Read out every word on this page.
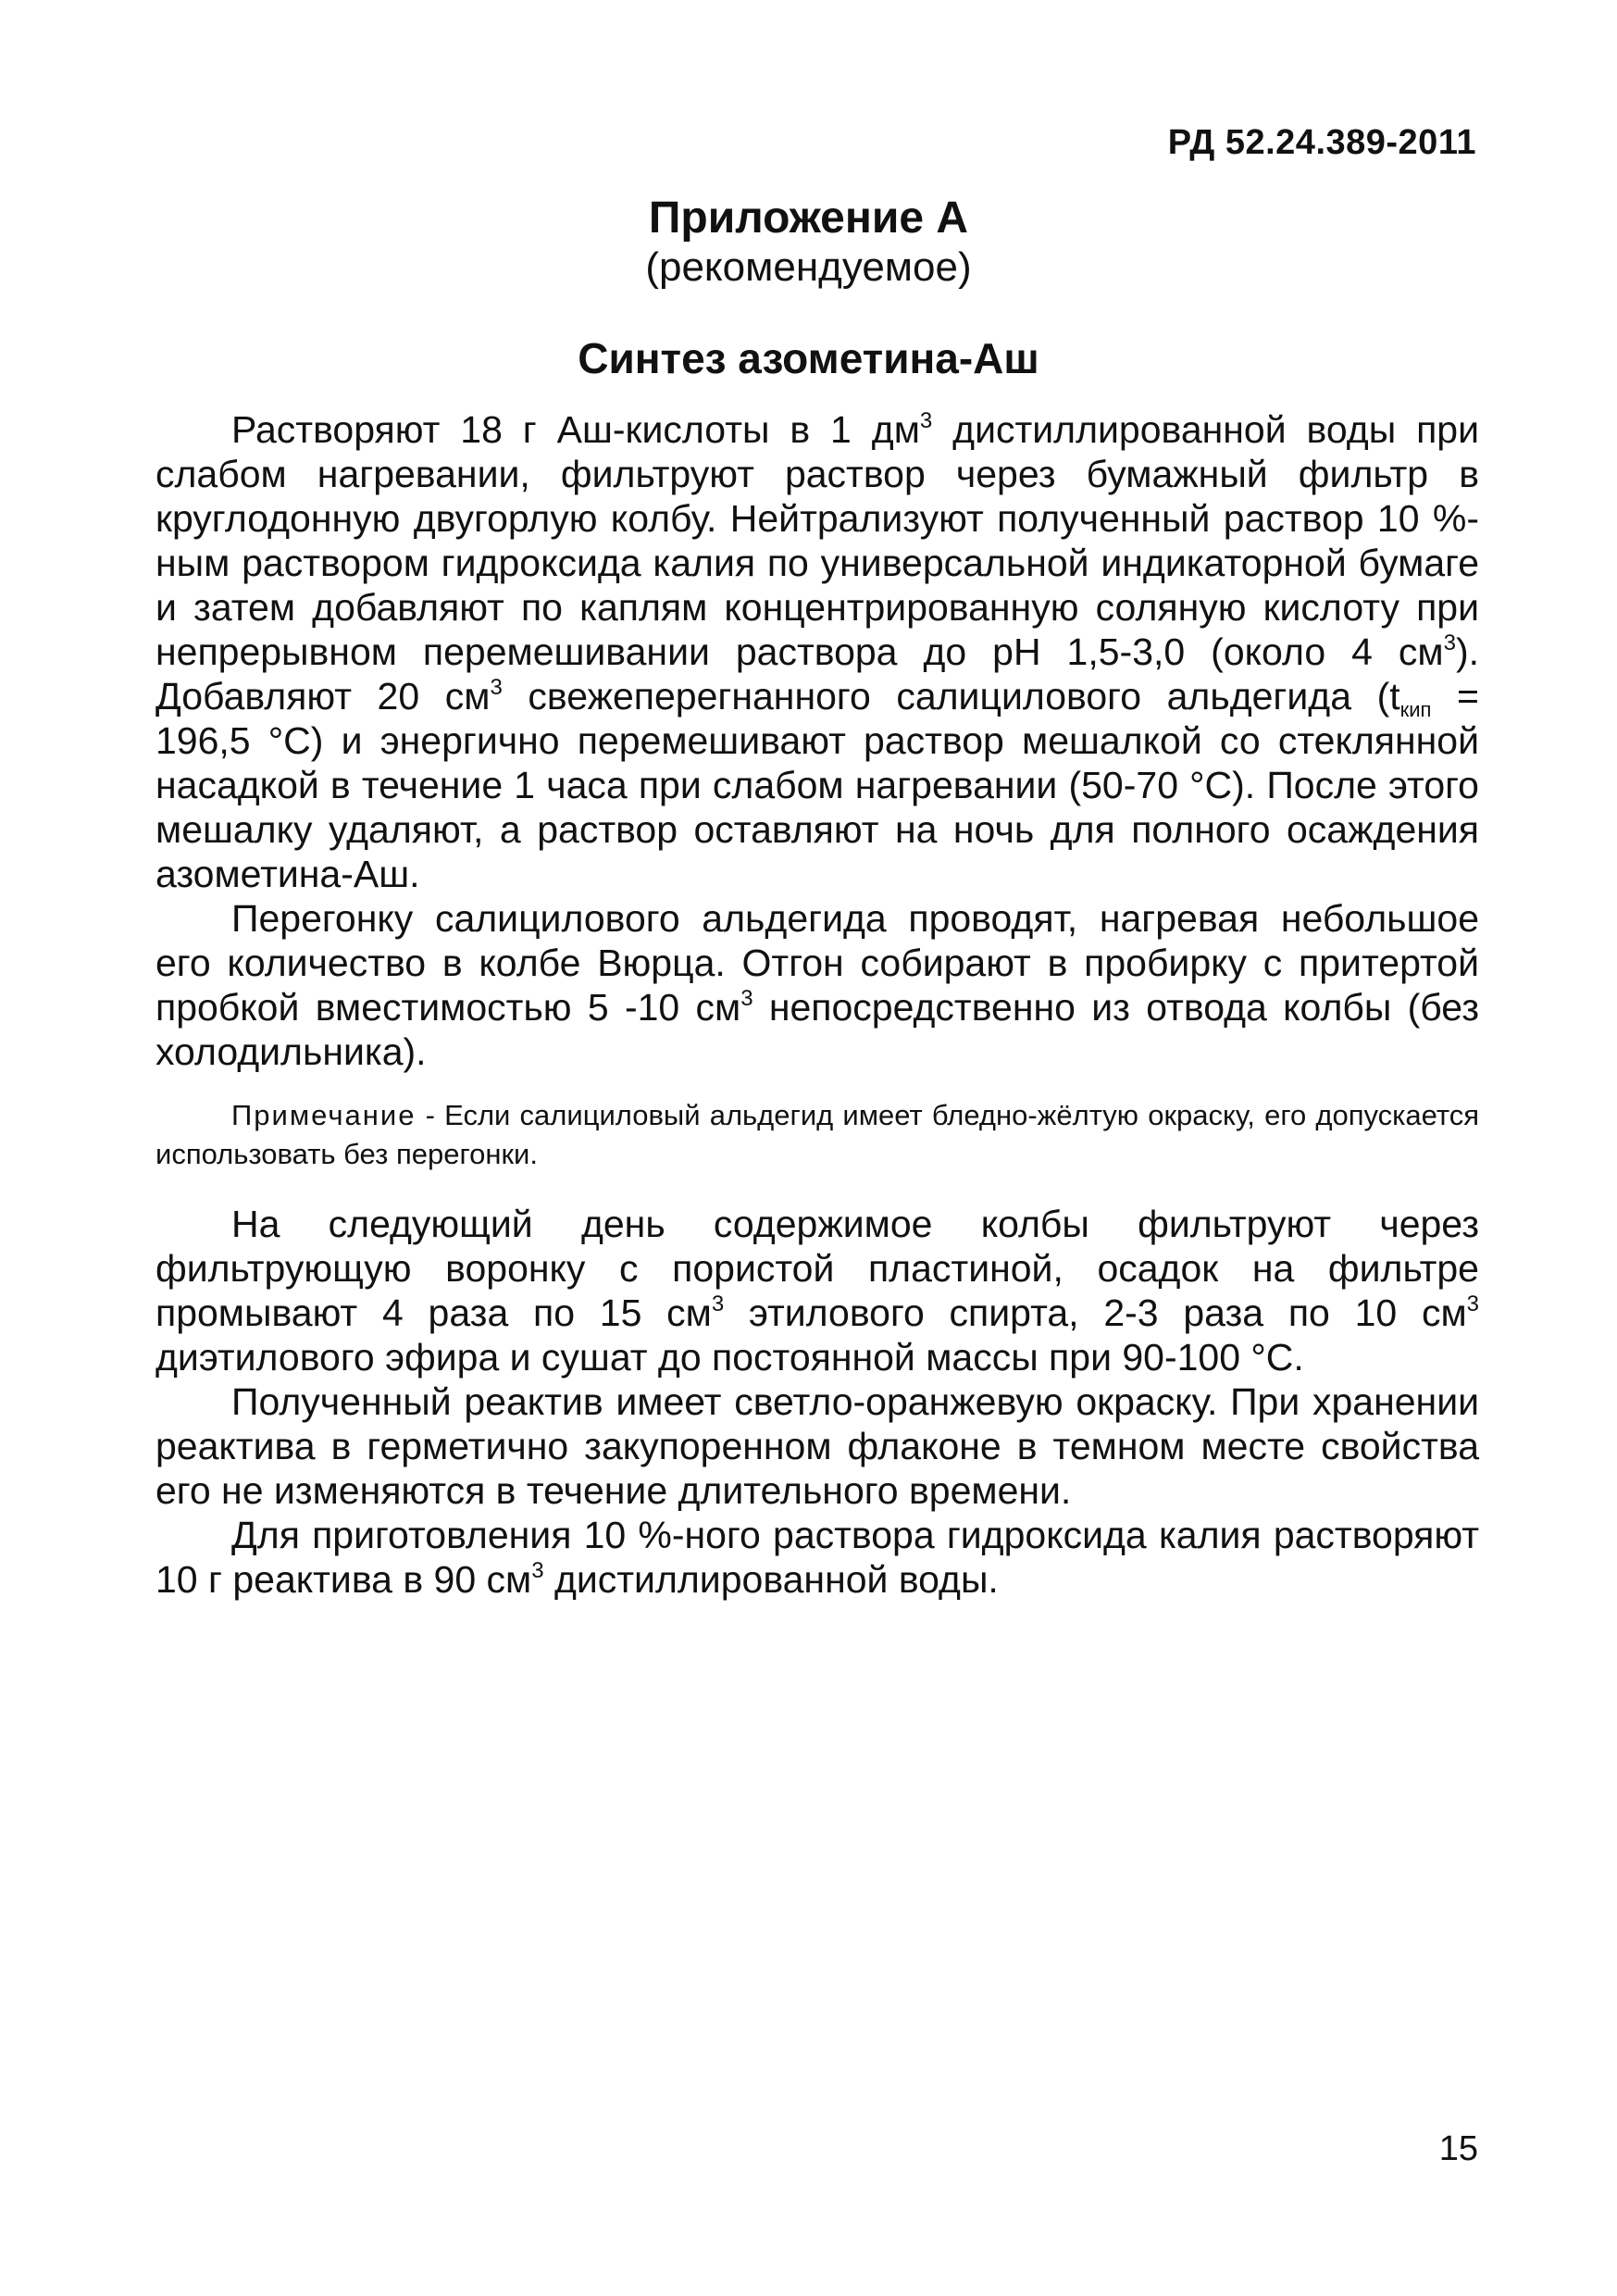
РД 52.24.389-2011
Приложение А
(рекомендуемое)
Синтез азометина-Аш

Растворяют 18 г Аш-кислоты в 1 $дм^3$ дистиллированной воды при слабом нагревании, фильтруют раствор через бумажный фильтр в круглодонную двугорлую колбу. Нейтрализуют полученный раствор 10 %-ным раствором гидроксида калия по универсальной индикаторной бумаге и затем добавляют по каплям концентрированную соляную кислоту при непрерывном перемешивании раствора до рН 1,5-3,0 (около 4 $см^3$). Добавляют 20 $см^3$ свежеперегнанного салицилового альдегида ($t_{кип} = 196,5$ °С) и энергично перемешивают раствор мешалкой со стеклянной насадкой в течение 1 часа при слабом нагревании (50-70 °С). После этого мешалку удаляют, а раствор оставляют на ночь для полного осаждения азометина-Аш.

Перегонку салицилового альдегида проводят, нагревая небольшое его количество в колбе Вюрца. Отгон собирают в пробирку с притертой пробкой вместимостью 5 -10 $см^3$ непосредственно из отвода колбы (без холодильника).

Примечание - Если салициловый альдегид имеет бледно-жёлтую окраску, его допускается использовать без перегонки.

На следующий день содержимое колбы фильтруют через фильтрующую воронку с пористой пластиной, осадок на фильтре промывают 4 раза по 15 $см^3$ этилового спирта, 2-3 раза по 10 $см^3$ диэтилового эфира и сушат до постоянной массы при 90-100 °С.

Полученный реактив имеет светло-оранжевую окраску. При хранении реактива в герметично закупоренном флаконе в темном месте свойства его не изменяются в течение длительного времени.

Для приготовления 10 %-ного раствора гидроксида калия растворяют 10 г реактива в 90 $см^3$ дистиллированной воды.

15
